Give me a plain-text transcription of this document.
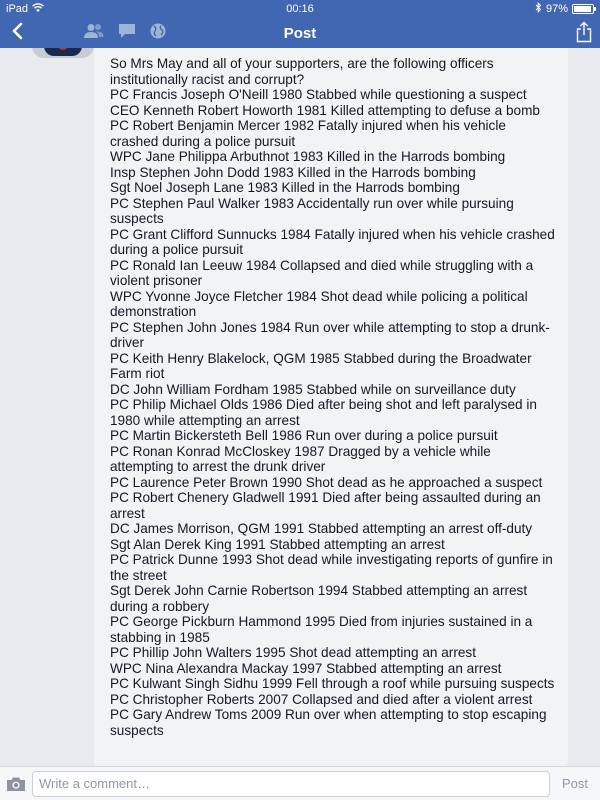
iPad	00:16	97%
Post
So Mrs May and all of your supporters, are the following officers institutionally racist and corrupt?
PC Francis Joseph O'Neill 1980 Stabbed while questioning a suspect
CEO Kenneth Robert Howorth 1981 Killed attempting to defuse a bomb
PC Robert Benjamin Mercer 1982 Fatally injured when his vehicle crashed during a police pursuit
WPC Jane Philippa Arbuthnot 1983 Killed in the Harrods bombing
Insp Stephen John Dodd 1983 Killed in the Harrods bombing
Sgt Noel Joseph Lane 1983 Killed in the Harrods bombing
PC Stephen Paul Walker 1983 Accidentally run over while pursuing suspects
PC Grant Clifford Sunnucks 1984 Fatally injured when his vehicle crashed during a police pursuit
PC Ronald Ian Leeuw 1984 Collapsed and died while struggling with a violent prisoner
WPC Yvonne Joyce Fletcher 1984 Shot dead while policing a political demonstration
PC Stephen John Jones 1984 Run over while attempting to stop a drunk-driver
PC Keith Henry Blakelock, QGM 1985 Stabbed during the Broadwater Farm riot
DC John William Fordham 1985 Stabbed while on surveillance duty
PC Philip Michael Olds 1986 Died after being shot and left paralysed in 1980 while attempting an arrest
PC Martin Bickersteth Bell 1986 Run over during a police pursuit
PC Ronan Konrad McCloskey 1987 Dragged by a vehicle while attempting to arrest the drunk driver
PC Laurence Peter Brown 1990 Shot dead as he approached a suspect
PC Robert Chenery Gladwell 1991 Died after being assaulted during an arrest
DC James Morrison, QGM 1991 Stabbed attempting an arrest off-duty
Sgt Alan Derek King 1991 Stabbed attempting an arrest
PC Patrick Dunne 1993 Shot dead while investigating reports of gunfire in the street
Sgt Derek John Carnie Robertson 1994 Stabbed attempting an arrest during a robbery
PC George Pickburn Hammond 1995 Died from injuries sustained in a stabbing in 1985
PC Phillip John Walters 1995 Shot dead attempting an arrest
WPC Nina Alexandra Mackay 1997 Stabbed attempting an arrest
PC Kulwant Singh Sidhu 1999 Fell through a roof while pursuing suspects
PC Christopher Roberts 2007 Collapsed and died after a violent arrest
PC Gary Andrew Toms 2009 Run over when attempting to stop escaping suspects
Write a comment…
Post
